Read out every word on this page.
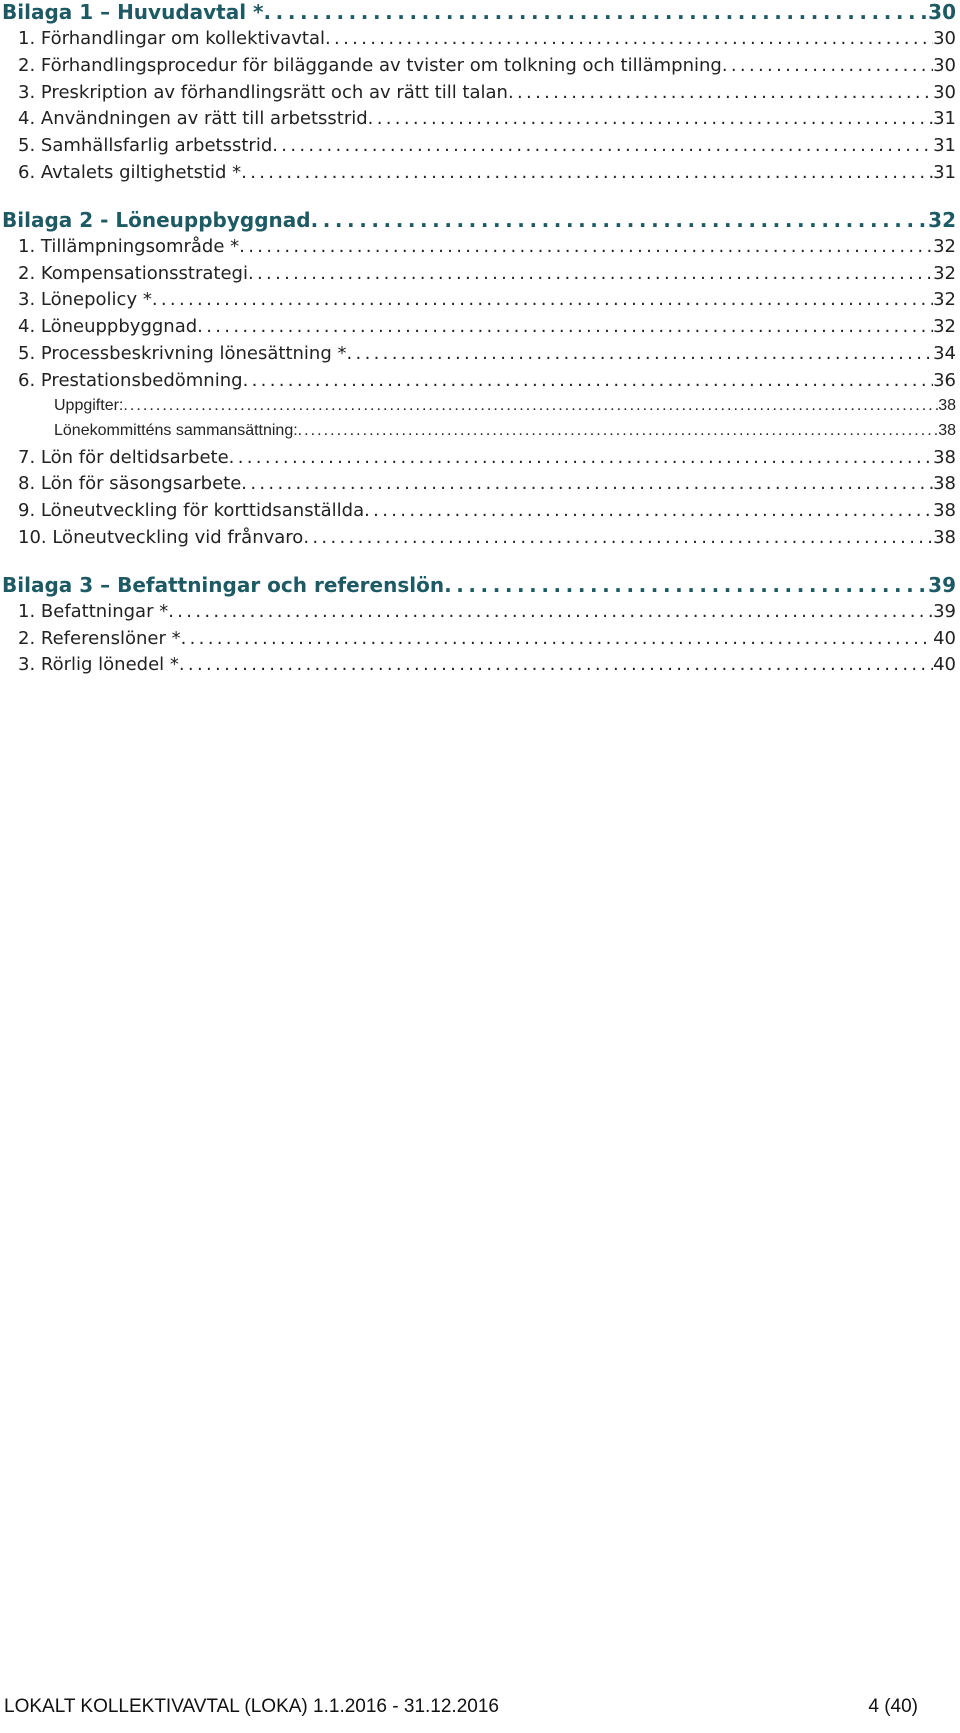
Bilaga 1 – Huvudavtal * . . .	30
1. Förhandlingar om kollektivavtal . . .	30
2. Förhandlingsprocedur för biläggande av tvister om tolkning och tillämpning . . .	30
3. Preskription av förhandlingsrätt och av rätt till talan . . .	30
4. Användningen av rätt till arbetsstrid . . .	31
5. Samhällsfarlig arbetsstrid . . .	31
6. Avtalets giltighetstid * . . .	31
Bilaga 2 - Löneuppbyggnad . . .	32
1. Tillämpningsområde * . . .	32
2. Kompensationsstrategi . . .	32
3. Lönepolicy * . . .	32
4. Löneuppbyggnad . . .	32
5. Processbeskrivning lönesättning * . . .	34
6. Prestationsbedömning . . .	36
Uppgifter: . . .	38
Lönekommitténs sammansättning: . . .	38
7. Lön för deltidsarbete . . .	38
8. Lön för säsongsarbete . . .	38
9. Löneutveckling för korttidsanställda . . .	38
10. Löneutveckling vid frånvaro . . .	38
Bilaga 3 – Befattningar och referenslön . . .	39
1. Befattningar * . . .	39
2. Referenslöner * . . .	40
3. Rörlig lönedel * . . .	40
LOKALT KOLLEKTIVAVTAL (LOKA) 1.1.2016 - 31.12.2016	4 (40)
